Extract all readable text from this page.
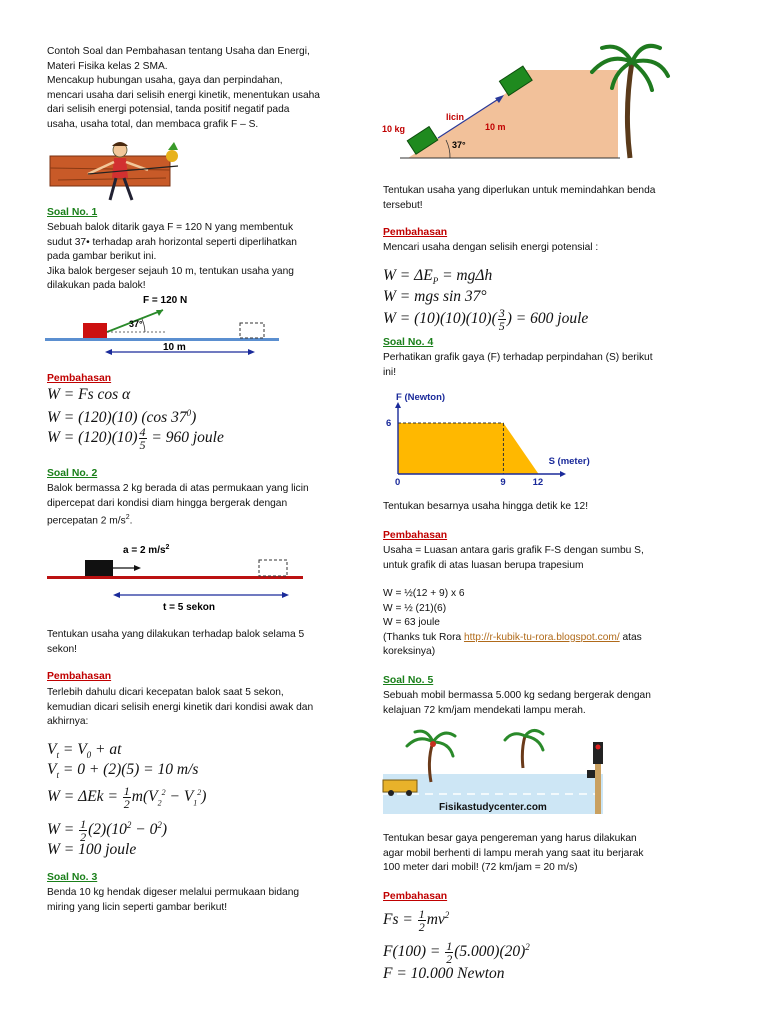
Contoh Soal dan Pembahasan tentang Usaha dan Energi,
Materi Fisika kelas 2 SMA.
Mencakup hubungan usaha, gaya dan perpindahan,
mencari usaha dari selisih energi kinetik, menentukan usaha
dari selisih energi potensial, tanda positif negatif pada
usaha, usaha total, dan membaca grafik F – S.
Soal No. 1
Sebuah balok ditarik gaya F = 120 N yang membentuk
sudut 37• terhadap arah horizontal seperti diperlihatkan
pada gambar berikut ini.
Jika balok bergeser sejauh 10 m, tentukan usaha yang
dilakukan pada balok!
F = 120 N
37°
10 m
Pembahasan
W = Fs cos α
W = (120)(10) (cos $37^0$)
$W = (120)(10) \frac{4}{5} = 960$ joule
Soal No. 2
Balok bermassa 2 kg berada di atas permukaan yang licin
dipercepat dari kondisi diam hingga bergerak dengan
percepatan 2 $m/s^2$.
a = 2 $m/s^2$
t = 5 sekon
Tentukan usaha yang dilakukan terhadap balok selama 5
sekon!
Pembahasan
Terlebih dahulu dicari kecepatan balok saat 5 sekon,
kemudian dicari selisih energi kinetik dari kondisi awak dan
akhirnya:
$V_t = V_0$ + at
$V_t = 0 + (2)(5) = 10$ m/s
$W = \Delta Ek = \frac{1}{2} m(V_2^2 - V_1^2)$
$W = \frac{1}{2} (2)(10^2 - 0^2)$
W = 100 joule
Soal No. 3
Benda 10 kg hendak digeser melalui permukaan bidang
miring yang licin seperti gambar berikut!
10 kg
licin
10 m
37°
Tentukan usaha yang diperlukan untuk memindahkan benda
tersebut!
Pembahasan
Mencari usaha dengan selisih energi potensial :
$W = \Delta E_P = mg\Delta h$
W = mgs sin 37°
$W = (10)(10)(10)( \frac{3}{5}$ ) = 600 joule
Soal No. 4
Perhatikan grafik gaya (F) terhadap perpindahan (S) berikut
ini!
F (Newton)
S (meter)
0	9	12
6
Tentukan besarnya usaha hingga detik ke 12!
Pembahasan
Usaha = Luasan antara garis grafik F-S dengan sumbu S,
untuk grafik di atas luasan berupa trapesium
W = ½(12 + 9) x 6
W = ½ (21)(6)
W = 63 joule
(Thanks tuk Rora http://r-kubik-tu-rora.blogspot.com/ atas
koreksinya)
Soal No. 5
Sebuah mobil bermassa 5.000 kg sedang bergerak dengan
kelajuan 72 km/jam mendekati lampu merah.
Fisikastudycenter.com
Tentukan besar gaya pengereman yang harus dilakukan
agar mobil berhenti di lampu merah yang saat itu berjarak
100 meter dari mobil! (72 km/jam = 20 m/s)
Pembahasan
$Fs = \frac{1}{2} mv^2$
$F(100) = \frac{1}{2} (5.000)(20)^2$
F = 10.000 Newton
